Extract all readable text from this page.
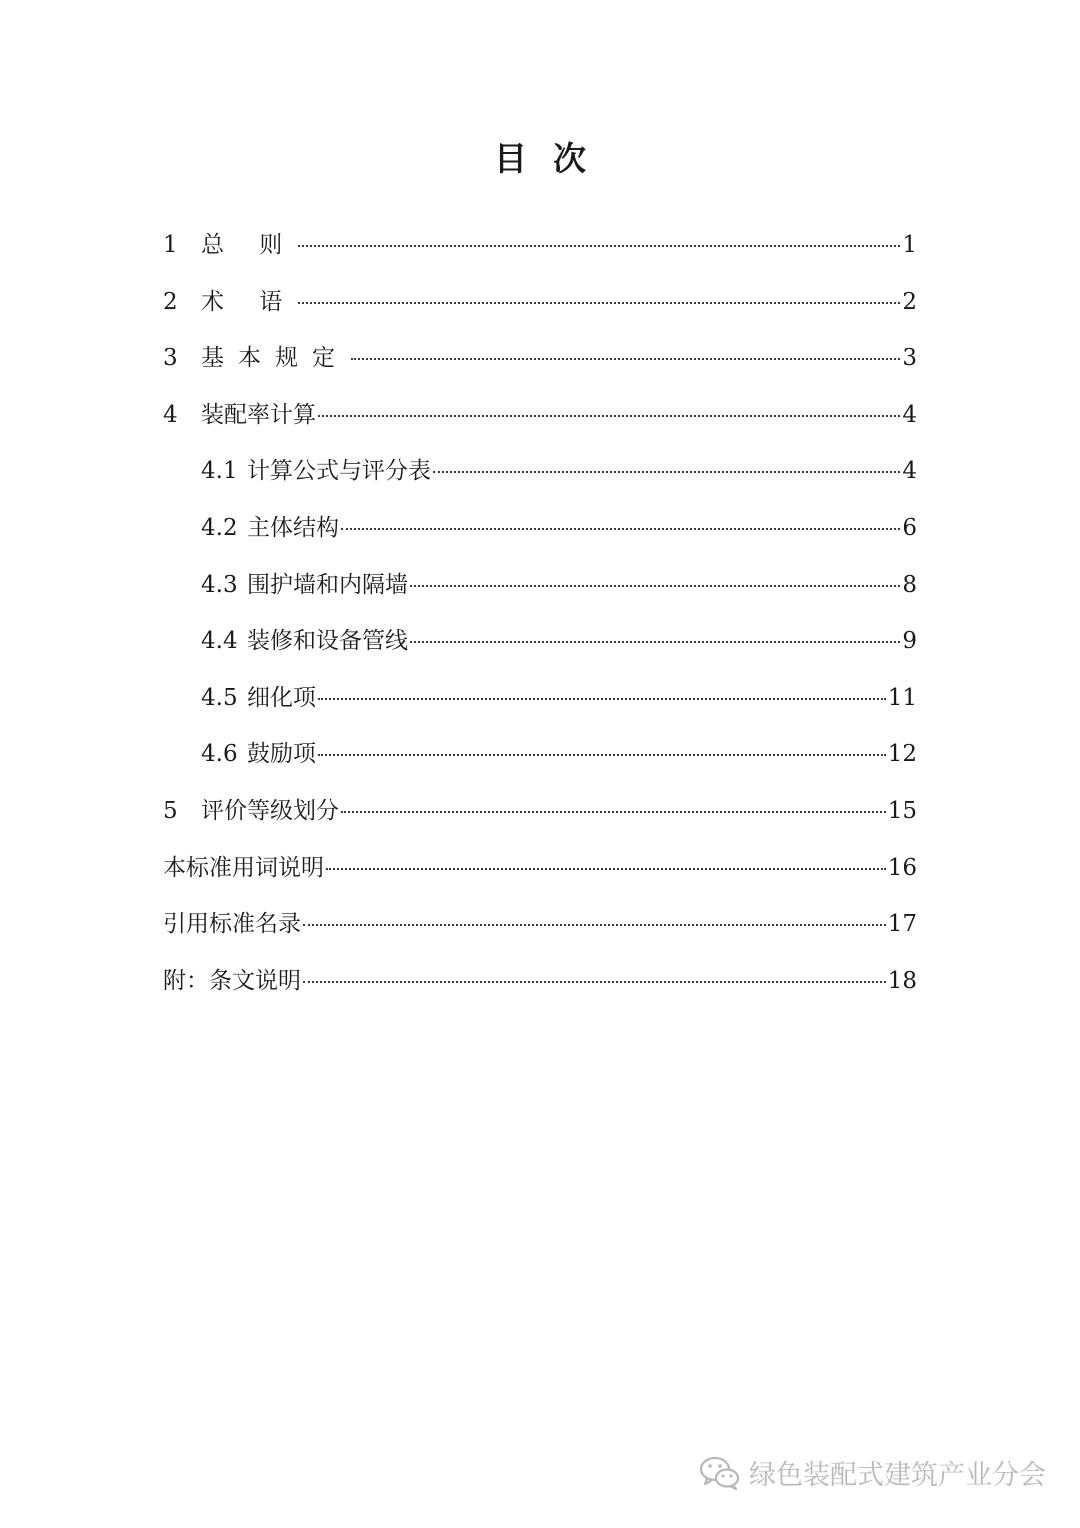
目次
1	总 则	1
2	术 语	2
3	基本规定	3
4	装配率计算	4
4.1 计算公式与评分表	4
4.2 主体结构	6
4.3 围护墙和内隔墙	8
4.4 装修和设备管线	9
4.5 细化项	11
4.6 鼓励项	12
5	评价等级划分	15
本标准用词说明	16
引用标准名录	17
附：条文说明	18
绿色装配式建筑产业分会
